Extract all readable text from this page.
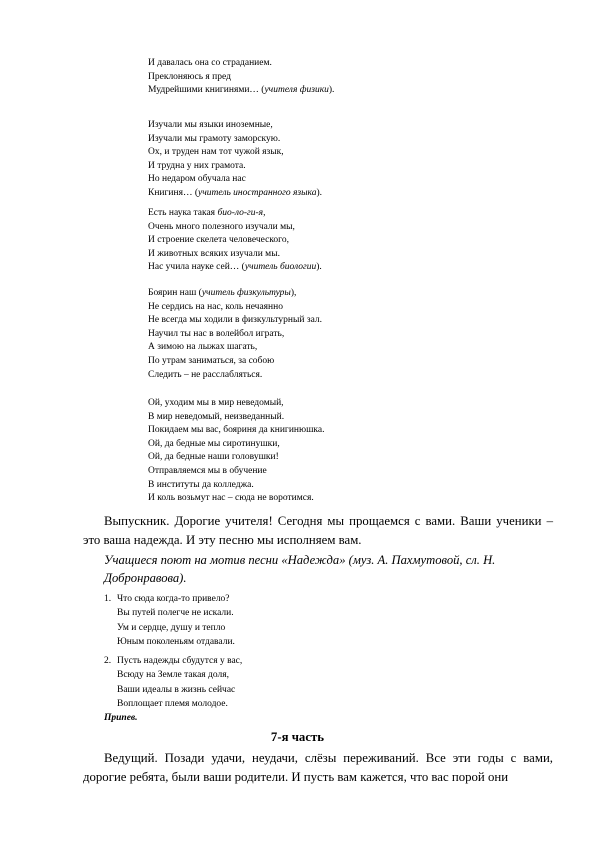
И давалась она со страданием.
Преклоняюсь я пред
Мудрейшими книгинями… (учителя физики).
Изучали мы языки иноземные,
Изучали мы грамоту заморскую.
Ох, и труден нам тот чужой язык,
И трудна у них грамота.
Но недаром обучала нас
Книгиня… (учитель иностранного языка).
Есть наука такая био-ло-ги-я,
Очень много полезного изучали мы,
И строение скелета человеческого,
И животных всяких изучали мы.
Нас учила науке сей… (учитель биологии).
Боярин наш (учитель физкультуры),
Не сердись на нас, коль нечаянно
Не всегда мы ходили в физкультурный зал.
Научил ты нас в волейбол играть,
А зимою на лыжах шагать,
По утрам заниматься, за собою
Следить – не расслабляться.
Ой, уходим мы в мир неведомый,
В мир неведомый, неизведанный.
Покидаем мы вас, бояриня да книгинюшка.
Ой, да бедные мы сиротинушки,
Ой, да бедные наши головушки!
Отправляемся мы в обучение
В институты да колледжа.
И коль возьмут нас – сюда не воротимся.

Выпускник. Дорогие учителя! Сегодня мы прощаемся с вами. Ваши ученики – это ваша надежда. И эту песню мы исполняем вам.

Учащиеся поют на мотив песни «Надежда» (муз. А. Пахмутовой, сл. Н. Добронравова).
1. Что сюда когда-то привело?
Вы путей полегче не искали.
Ум и сердце, душу и тепло
Юным поколеньям отдавали.
2. Пусть надежды сбудутся у вас,
Всюду на Земле такая доля,
Ваши идеалы в жизнь сейчас
Воплощает племя молодое.
Припев.
7-я часть

Ведущий. Позади удачи, неудачи, слёзы переживаний. Все эти годы с вами, дорогие ребята, были ваши родители. И пусть вам кажется, что вас порой они
